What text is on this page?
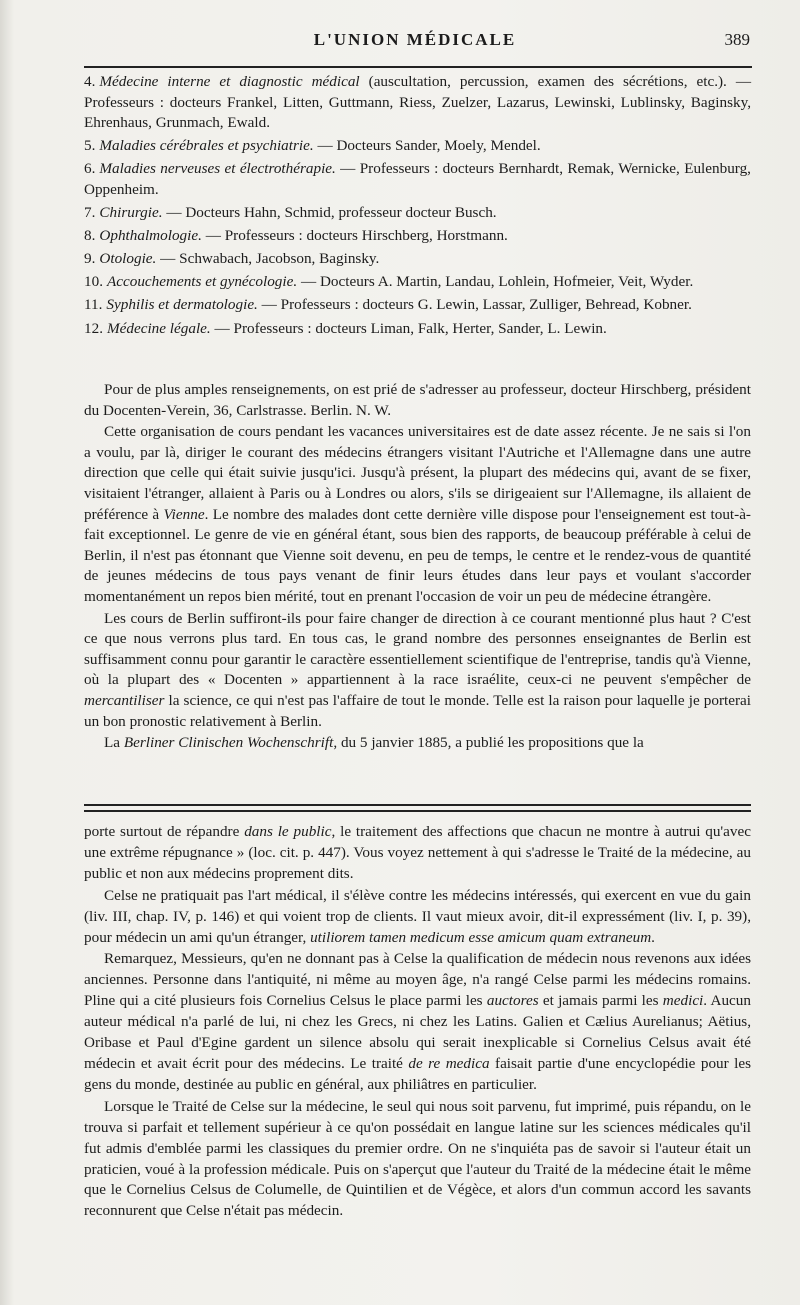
L'UNION MÉDICALE	389

4. Médecine interne et diagnostic médical (auscultation, percussion, examen des sécrétions, etc.). — Professeurs : docteurs Frankel, Litten, Guttmann, Riess, Zuelzer, Lazarus, Lewinski, Lublinsky, Baginsky, Ehrenhaus, Grunmach, Ewald.

5. Maladies cérébrales et psychiatrie. — Docteurs Sander, Moely, Mendel.

6. Maladies nerveuses et électrothérapie. — Professeurs : docteurs Bernhardt, Remak, Wernicke, Eulenburg, Oppenheim.

7. Chirurgie. — Docteurs Hahn, Schmid, professeur docteur Busch.

8. Ophthalmologie. — Professeurs : docteurs Hirschberg, Horstmann.

9. Otologie. — Schwabach, Jacobson, Baginsky.

10. Accouchements et gynécologie. — Docteurs A. Martin, Landau, Lohlein, Hofmeier, Veit, Wyder.

11. Syphilis et dermatologie. — Professeurs : docteurs G. Lewin, Lassar, Zulliger, Behread, Kobner.

12. Médecine légale. — Professeurs : docteurs Liman, Falk, Herter, Sander, L. Lewin.

Pour de plus amples renseignements, on est prié de s'adresser au professeur, docteur Hirschberg, président du Docenten-Verein, 36, Carlstrasse. Berlin. N. W.

Cette organisation de cours pendant les vacances universitaires est de date assez récente. Je ne sais si l'on a voulu, par là, diriger le courant des médecins étrangers visitant l'Autriche et l'Allemagne dans une autre direction que celle qui était suivie jusqu'ici. Jusqu'à présent, la plupart des médecins qui, avant de se fixer, visitaient l'étranger, allaient à Paris ou à Londres ou alors, s'ils se dirigeaient sur l'Allemagne, ils allaient de préférence à Vienne. Le nombre des malades dont cette dernière ville dispose pour l'enseignement est tout-à-fait exceptionnel. Le genre de vie en général étant, sous bien des rapports, de beaucoup préférable à celui de Berlin, il n'est pas étonnant que Vienne soit devenu, en peu de temps, le centre et le rendez-vous de quantité de jeunes médecins de tous pays venant de finir leurs études dans leur pays et voulant s'accorder momentanément un repos bien mérité, tout en prenant l'occasion de voir un peu de médecine étrangère.

Les cours de Berlin suffiront-ils pour faire changer de direction à ce courant mentionné plus haut ? C'est ce que nous verrons plus tard. En tous cas, le grand nombre des personnes enseignantes de Berlin est suffisamment connu pour garantir le caractère essentiellement scientifique de l'entreprise, tandis qu'à Vienne, où la plupart des « Docenten » appartiennent à la race israélite, ceux-ci ne peuvent s'empêcher de mercantiliser la science, ce qui n'est pas l'affaire de tout le monde. Telle est la raison pour laquelle je porterai un bon pronostic relativement à Berlin.

La Berliner Clinischen Wochenschrift, du 5 janvier 1885, a publié les propositions que la

porte surtout de répandre dans le public, le traitement des affections que chacun ne montre à autrui qu'avec une extrême répugnance » (loc. cit. p. 447). Vous voyez nettement à qui s'adresse le Traité de la médecine, au public et non aux médecins proprement dits.

Celse ne pratiquait pas l'art médical, il s'élève contre les médecins intéressés, qui exercent en vue du gain (liv. III, chap. IV, p. 146) et qui voient trop de clients. Il vaut mieux avoir, dit-il expressément (liv. I, p. 39), pour médecin un ami qu'un étranger, utiliorem tamen medicum esse amicum quam extraneum.

Remarquez, Messieurs, qu'en ne donnant pas à Celse la qualification de médecin nous revenons aux idées anciennes. Personne dans l'antiquité, ni même au moyen âge, n'a rangé Celse parmi les médecins romains. Pline qui a cité plusieurs fois Cornelius Celsus le place parmi les auctores et jamais parmi les medici. Aucun auteur médical n'a parlé de lui, ni chez les Grecs, ni chez les Latins. Galien et Cælius Aurelianus; Aëtius, Oribase et Paul d'Egine gardent un silence absolu qui serait inexplicable si Cornelius Celsus avait été médecin et avait écrit pour des médecins. Le traité de re medica faisait partie d'une encyclopédie pour les gens du monde, destinée au public en général, aux philiâtres en particulier.

Lorsque le Traité de Celse sur la médecine, le seul qui nous soit parvenu, fut imprimé, puis répandu, on le trouva si parfait et tellement supérieur à ce qu'on possédait en langue latine sur les sciences médicales qu'il fut admis d'emblée parmi les classiques du premier ordre. On ne s'inquiéta pas de savoir si l'auteur était un praticien, voué à la profession médicale. Puis on s'aperçut que l'auteur du Traité de la médecine était le même que le Cornelius Celsus de Columelle, de Quintilien et de Végèce, et alors d'un commun accord les savants reconnurent que Celse n'était pas médecin.
